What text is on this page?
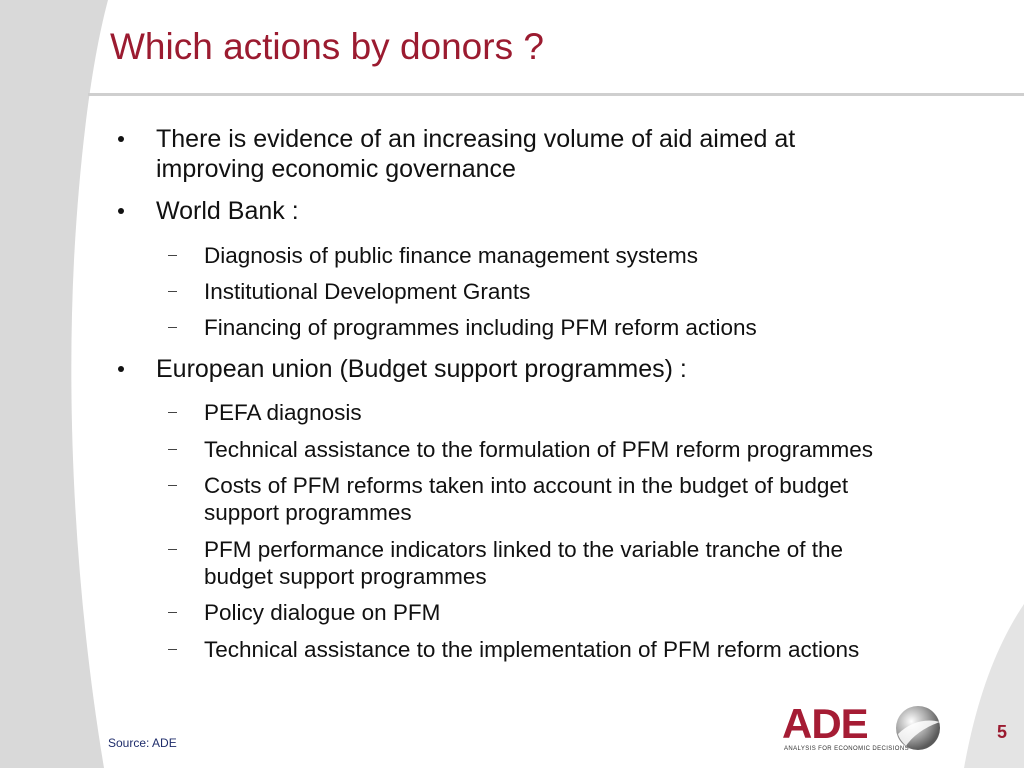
Which actions by donors ?
There is evidence of an increasing volume of aid aimed at
improving economic governance
World Bank :
Diagnosis of public finance management systems
Institutional Development Grants
Financing of programmes including PFM reform actions
European union (Budget support programmes) :
PEFA diagnosis
Technical assistance to the formulation of PFM reform programmes
Costs of PFM reforms taken into account in the budget of budget
support programmes
PFM performance indicators linked to the variable tranche of the
budget support programmes
Policy dialogue on PFM
Technical assistance to the implementation of PFM reform actions
Source: ADE	ADE
ANALYSIS FOR ECONOMIC DECISIONS
5
